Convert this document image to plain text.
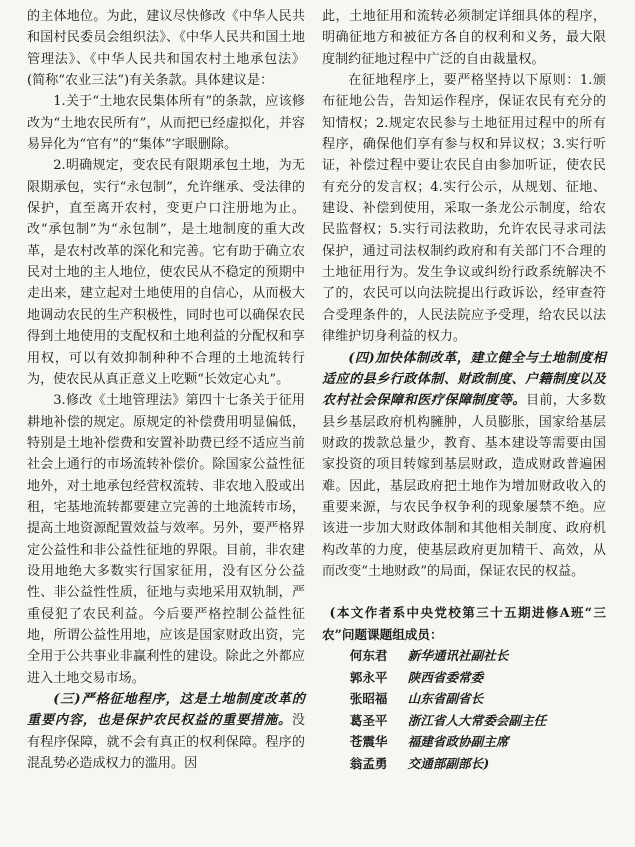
的主体地位。为此，建议尽快修改《中华人民共和国村民委员会组织法》、《中华人民共和国土地管理法》、《中华人民共和国农村土地承包法》(简称“农业三法”)有关条款。具体建议是：

1.关于“土地农民集体所有”的条款，应该修改为“土地农民所有”，从而把已经虚拟化，并容易异化为“官有”的“集体”字眼删除。

2.明确规定，变农民有限期承包土地，为无限期承包，实行“永包制”，允许继承、受法律的保护，直至离开农村，变更户口注册地为止。改“承包制”为“永包制”，是土地制度的重大改革，是农村改革的深化和完善。它有助于确立农民对土地的主人地位，使农民从不稳定的预期中走出来，建立起对土地使用的自信心，从而极大地调动农民的生产积极性，同时也可以确保农民得到土地使用的支配权和土地利益的分配权和享用权，可以有效抑制种种不合理的土地流转行为，使农民从真正意义上吃颗“长效定心丸”。

3.修改《土地管理法》第四十七条关于征用耕地补偿的规定。原规定的补偿费用明显偏低，特别是土地补偿费和安置补助费已经不适应当前社会上通行的市场流转补偿价。除国家公益性征地外，对土地承包经营权流转、非农地入股或出租，宅基地流转都要建立完善的土地流转市场，提高土地资源配置效益与效率。另外，要严格界定公益性和非公益性征地的界限。目前，非农建设用地绝大多数实行国家征用，没有区分公益性、非公益性性质，征地与卖地采用双轨制，严重侵犯了农民利益。今后要严格控制公益性征地，所谓公益性用地，应该是国家财政出资，完全用于公共事业非赢利性的建设。除此之外都应进入土地交易市场。

(三)严格征地程序，这是土地制度改革的重要内容，也是保护农民权益的重要措施。没有程序保障，就不会有真正的权利保障。程序的混乱势必造成权力的滥用。因

此，土地征用和流转必须制定详细具体的程序，明确征地方和被征方各自的权利和义务，最大限度制约征地过程中广泛的自由裁量权。

在征地程序上，要严格坚持以下原则：1.颁布征地公告，告知运作程序，保证农民有充分的知情权；2.规定农民参与土地征用过程中的所有程序，确保他们享有参与权和异议权；3.实行听证，补偿过程中要让农民自由参加听证，使农民有充分的发言权；4.实行公示，从规划、征地、建设、补偿到使用，采取一条龙公示制度，给农民监督权；5.实行司法救助，允许农民寻求司法保护，通过司法权制约政府和有关部门不合理的土地征用行为。发生争议或纠纷行政系统解决不了的，农民可以向法院提出行政诉讼，经审查符合受理条件的，人民法院应予受理，给农民以法律维护切身利益的权力。

(四)加快体制改革，建立健全与土地制度相适应的县乡行政体制、财政制度、户籍制度以及农村社会保障和医疗保障制度等。目前，大多数县乡基层政府机构臃肿，人员膨胀，国家给基层财政的拨款总量少，教育、基本建设等需要由国家投资的项目转嫁到基层财政，造成财政普遍困难。因此，基层政府把土地作为增加财政收入的重要来源，与农民争权争利的现象屡禁不绝。应该进一步加大财政体制和其他相关制度、政府机构改革的力度，使基层政府更加精干、高效，从而改变“土地财政”的局面，保证农民的权益。

(本文作者系中央党校第三十五期进修A班“三农”问题课题组成员：
何东君	新华通讯社副社长
郭永平	陕西省委常委
张昭福	山东省副省长
葛圣平	浙江省人大常委会副主任
苍震华	福建省政协副主席
翁孟勇	交通部副部长)
